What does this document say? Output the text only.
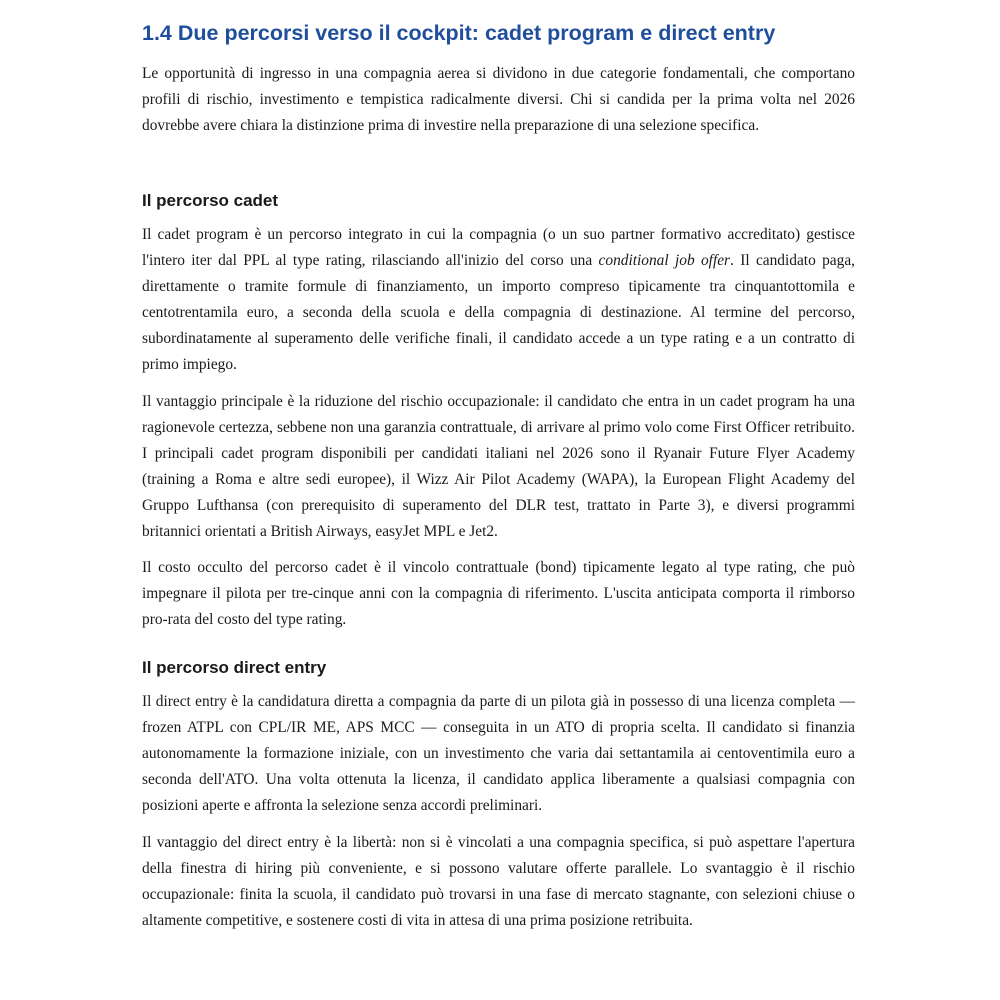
1.4 Due percorsi verso il cockpit: cadet program e direct entry

Le opportunità di ingresso in una compagnia aerea si dividono in due categorie fondamentali, che comportano profili di rischio, investimento e tempistica radicalmente diversi. Chi si candida per la prima volta nel 2026 dovrebbe avere chiara la distinzione prima di investire nella preparazione di una selezione specifica.

Il percorso cadet

Il cadet program è un percorso integrato in cui la compagnia (o un suo partner formativo accreditato) gestisce l'intero iter dal PPL al type rating, rilasciando all'inizio del corso una conditional job offer. Il candidato paga, direttamente o tramite formule di finanziamento, un importo compreso tipicamente tra cinquantottomila e centotrentamila euro, a seconda della scuola e della compagnia di destinazione. Al termine del percorso, subordinatamente al superamento delle verifiche finali, il candidato accede a un type rating e a un contratto di primo impiego.

Il vantaggio principale è la riduzione del rischio occupazionale: il candidato che entra in un cadet program ha una ragionevole certezza, sebbene non una garanzia contrattuale, di arrivare al primo volo come First Officer retribuito. I principali cadet program disponibili per candidati italiani nel 2026 sono il Ryanair Future Flyer Academy (training a Roma e altre sedi europee), il Wizz Air Pilot Academy (WAPA), la European Flight Academy del Gruppo Lufthansa (con prerequisito di superamento del DLR test, trattato in Parte 3), e diversi programmi britannici orientati a British Airways, easyJet MPL e Jet2.

Il costo occulto del percorso cadet è il vincolo contrattuale (bond) tipicamente legato al type rating, che può impegnare il pilota per tre-cinque anni con la compagnia di riferimento. L'uscita anticipata comporta il rimborso pro-rata del costo del type rating.

Il percorso direct entry

Il direct entry è la candidatura diretta a compagnia da parte di un pilota già in possesso di una licenza completa — frozen ATPL con CPL/IR ME, APS MCC — conseguita in un ATO di propria scelta. Il candidato si finanzia autonomamente la formazione iniziale, con un investimento che varia dai settantamila ai centoventimila euro a seconda dell'ATO. Una volta ottenuta la licenza, il candidato applica liberamente a qualsiasi compagnia con posizioni aperte e affronta la selezione senza accordi preliminari.

Il vantaggio del direct entry è la libertà: non si è vincolati a una compagnia specifica, si può aspettare l'apertura della finestra di hiring più conveniente, e si possono valutare offerte parallele. Lo svantaggio è il rischio occupazionale: finita la scuola, il candidato può trovarsi in una fase di mercato stagnante, con selezioni chiuse o altamente competitive, e sostenere costi di vita in attesa di una prima posizione retribuita.
